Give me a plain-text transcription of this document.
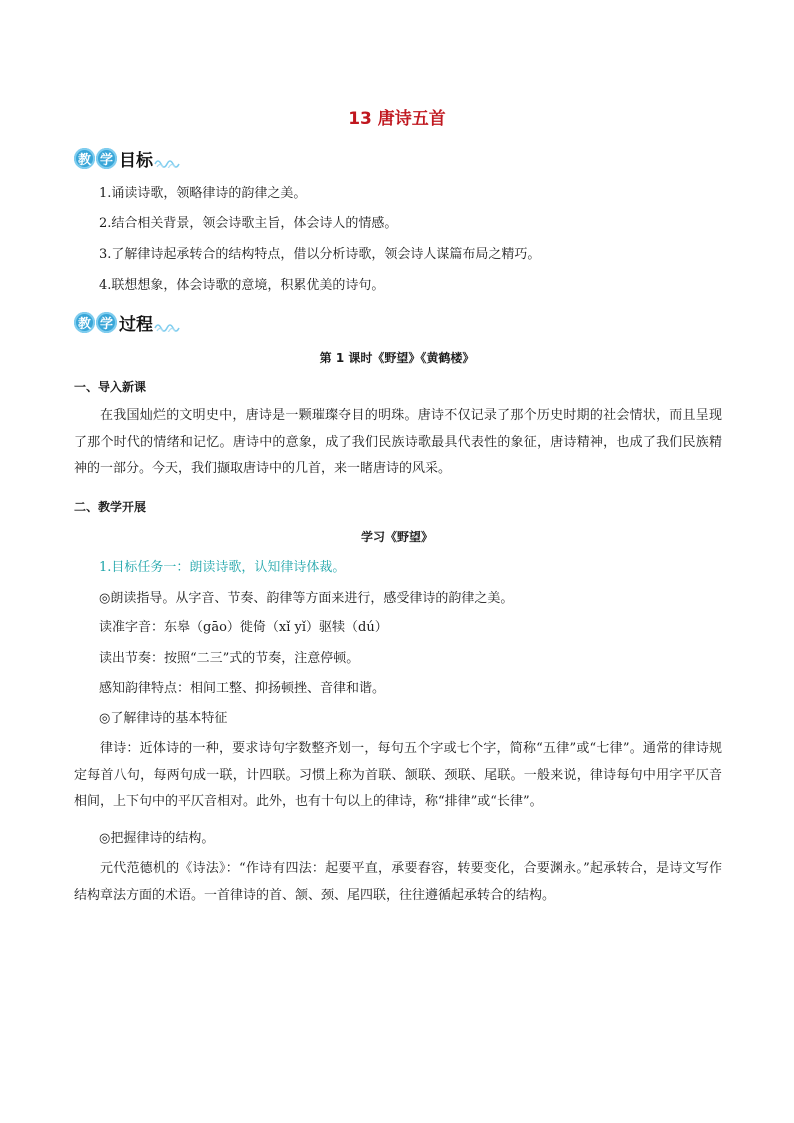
13 唐诗五首
教 学 目标
1.诵读诗歌，领略律诗的韵律之美。
2.结合相关背景，领会诗歌主旨，体会诗人的情感。
3.了解律诗起承转合的结构特点，借以分析诗歌，领会诗人谋篇布局之精巧。
4.联想想象，体会诗歌的意境，积累优美的诗句。
教 学 过程
第 1 课时《野望》《黄鹤楼》
一、导入新课
在我国灿烂的文明史中，唐诗是一颗璀璨夺目的明珠。唐诗不仅记录了那个历史时期的社会情状，而且呈现了那个时代的情绪和记忆。唐诗中的意象，成了我们民族诗歌最具代表性的象征，唐诗精神，也成了我们民族精神的一部分。今天，我们撷取唐诗中的几首，来一睹唐诗的风采。
二、教学开展
学习《野望》
1.目标任务一：朗读诗歌，认知律诗体裁。
◎朗读指导。从字音、节奏、韵律等方面来进行，感受律诗的韵律之美。
读准字音：东皋（gāo）徙倚（xǐ yǐ）驱犊（dú）
读出节奏：按照“二三”式的节奏，注意停顿。
感知韵律特点：相间工整、抑扬顿挫、音律和谐。
◎了解律诗的基本特征
律诗：近体诗的一种，要求诗句字数整齐划一，每句五个字或七个字，简称“五律”或“七律”。通常的律诗规定每首八句，每两句成一联，计四联。习惯上称为首联、颔联、颈联、尾联。一般来说，律诗每句中用字平仄音相间，上下句中的平仄音相对。此外，也有十句以上的律诗，称“排律”或“长律”。
◎把握律诗的结构。
元代范德机的《诗法》：“作诗有四法：起要平直，承要舂容，转要变化，合要渊永。”起承转合，是诗文写作结构章法方面的术语。一首律诗的首、颔、颈、尾四联，往往遵循起承转合的结构。
